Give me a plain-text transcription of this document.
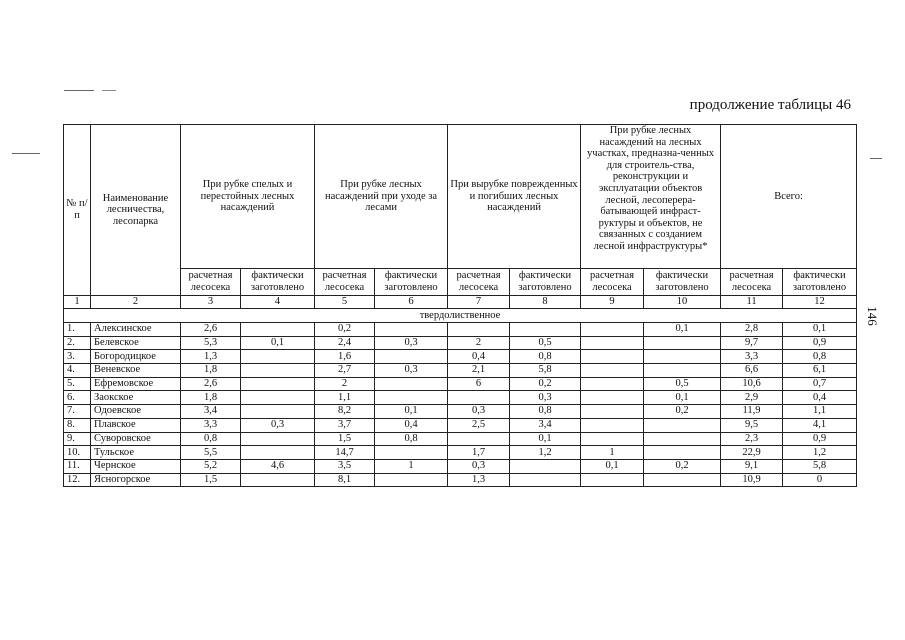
продолжение таблицы 46
146
№ п/п	Наименование лесничества, лесопарка	При рубке спелых и перестойных лесных насаждений		При рубке лесных насаждений при уходе за лесами		При вырубке поврежденных и погибших лесных насаждений		При рубке лесных насаждений на лесных участках, предназна-ченных для строитель-ства, реконструкции и эксплуатации объектов лесной, лесоперера-батывающей инфраст-руктуры и объектов, не связанных с созданием лесной инфраструктуры*		Всего:	
		расчетная лесосека	фактически заготовлено	расчетная лесосека	фактически заготовлено	расчетная лесосека	фактически заготовлено	расчетная лесосека	фактически заготовлено	расчетная лесосека	фактически заготовлено
1	2	3	4	5	6	7	8	9	10	11	12
твердолиственное											
1.	Алексинское	2,6		0,2					0,1	2,8	0,1
2.	Белевское	5,3	0,1	2,4	0,3	2	0,5			9,7	0,9
3.	Богородицкое	1,3		1,6		0,4	0,8			3,3	0,8
4.	Веневское	1,8		2,7	0,3	2,1	5,8			6,6	6,1
5.	Ефремовское	2,6		2		6	0,2		0,5	10,6	0,7
6.	Заокское	1,8		1,1			0,3		0,1	2,9	0,4
7.	Одоевское	3,4		8,2	0,1	0,3	0,8		0,2	11,9	1,1
8.	Плавское	3,3	0,3	3,7	0,4	2,5	3,4			9,5	4,1
9.	Суворовское	0,8		1,5	0,8		0,1			2,3	0,9
10.	Тульское	5,5		14,7		1,7	1,2	1		22,9	1,2
11.	Чернское	5,2	4,6	3,5	1	0,3		0,1	0,2	9,1	5,8
12.	Ясногорское	1,5		8,1		1,3				10,9	0
